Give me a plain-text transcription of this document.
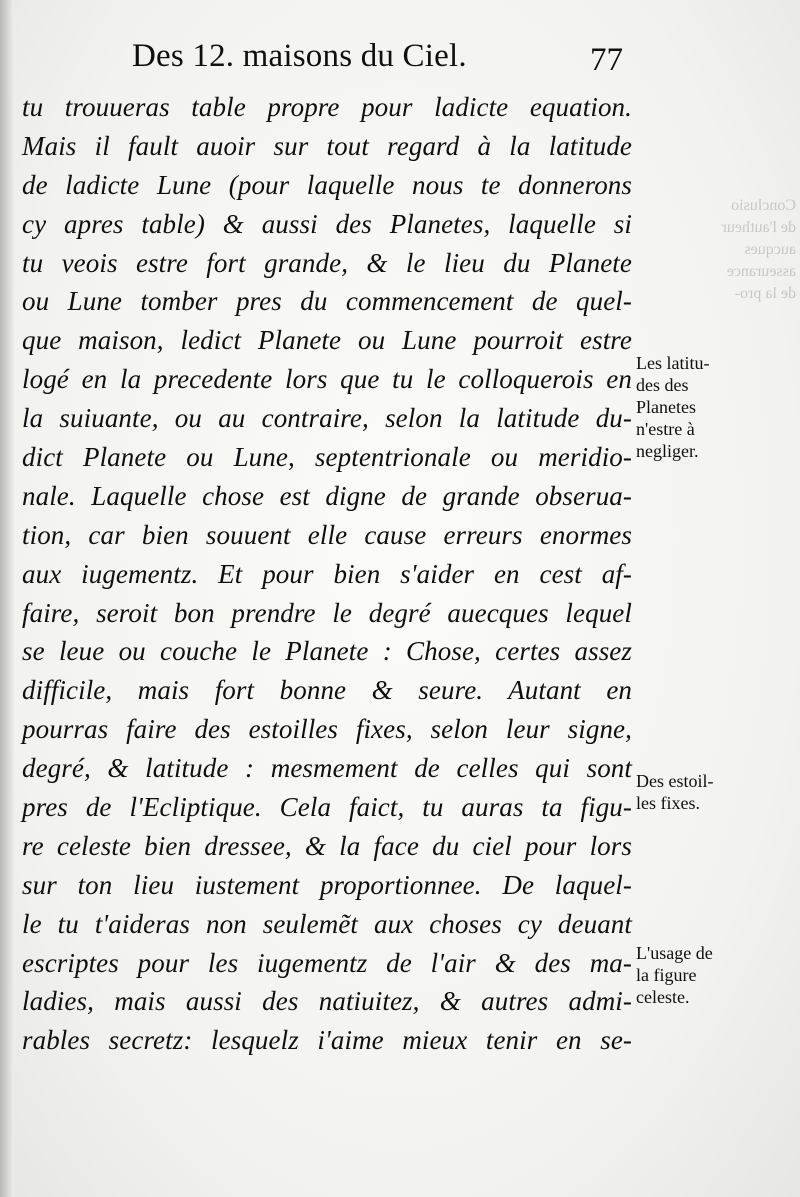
Conclusio
de l'autheur
aucques
asseurance
de la pro-
Des 12. maisons du Ciel.	77
tu trouueras table propre pour ladicte equation.
Mais il fault auoir sur tout regard à la latitude
de ladicte Lune (pour laquelle nous te donnerons
cy apres table) & aussi des Planetes, laquelle si
tu veois estre fort grande, & le lieu du Planete
ou Lune tomber pres du commencement de quel-
que maison, ledict Planete ou Lune pourroit estre
logé en la precedente lors que tu le colloquerois en
la suiuante, ou au contraire, selon la latitude du-
dict Planete ou Lune, septentrionale ou meridio-
nale. Laquelle chose est digne de grande obserua-
tion, car bien souuent elle cause erreurs enormes
aux iugementz. Et pour bien s'aider en cest af-
faire, seroit bon prendre le degré auecques lequel
se leue ou couche le Planete : Chose, certes assez
difficile, mais fort bonne & seure. Autant en
pourras faire des estoilles fixes, selon leur signe,
degré, & latitude : mesmement de celles qui sont
pres de l'Ecliptique. Cela faict, tu auras ta figu-
re celeste bien dressee, & la face du ciel pour lors
sur ton lieu iustement proportionnee. De laquel-
le tu t'aideras non seulemẽt aux choses cy deuant
escriptes pour les iugementz de l'air & des ma-
ladies, mais aussi des natiuitez, & autres admi-
rables secretz: lesquelz i'aime mieux tenir en se-
Les latitu-
des des
Planetes
n'estre à
negliger.
Des estoil-
les fixes.
L'usage de
la figure
celeste.
